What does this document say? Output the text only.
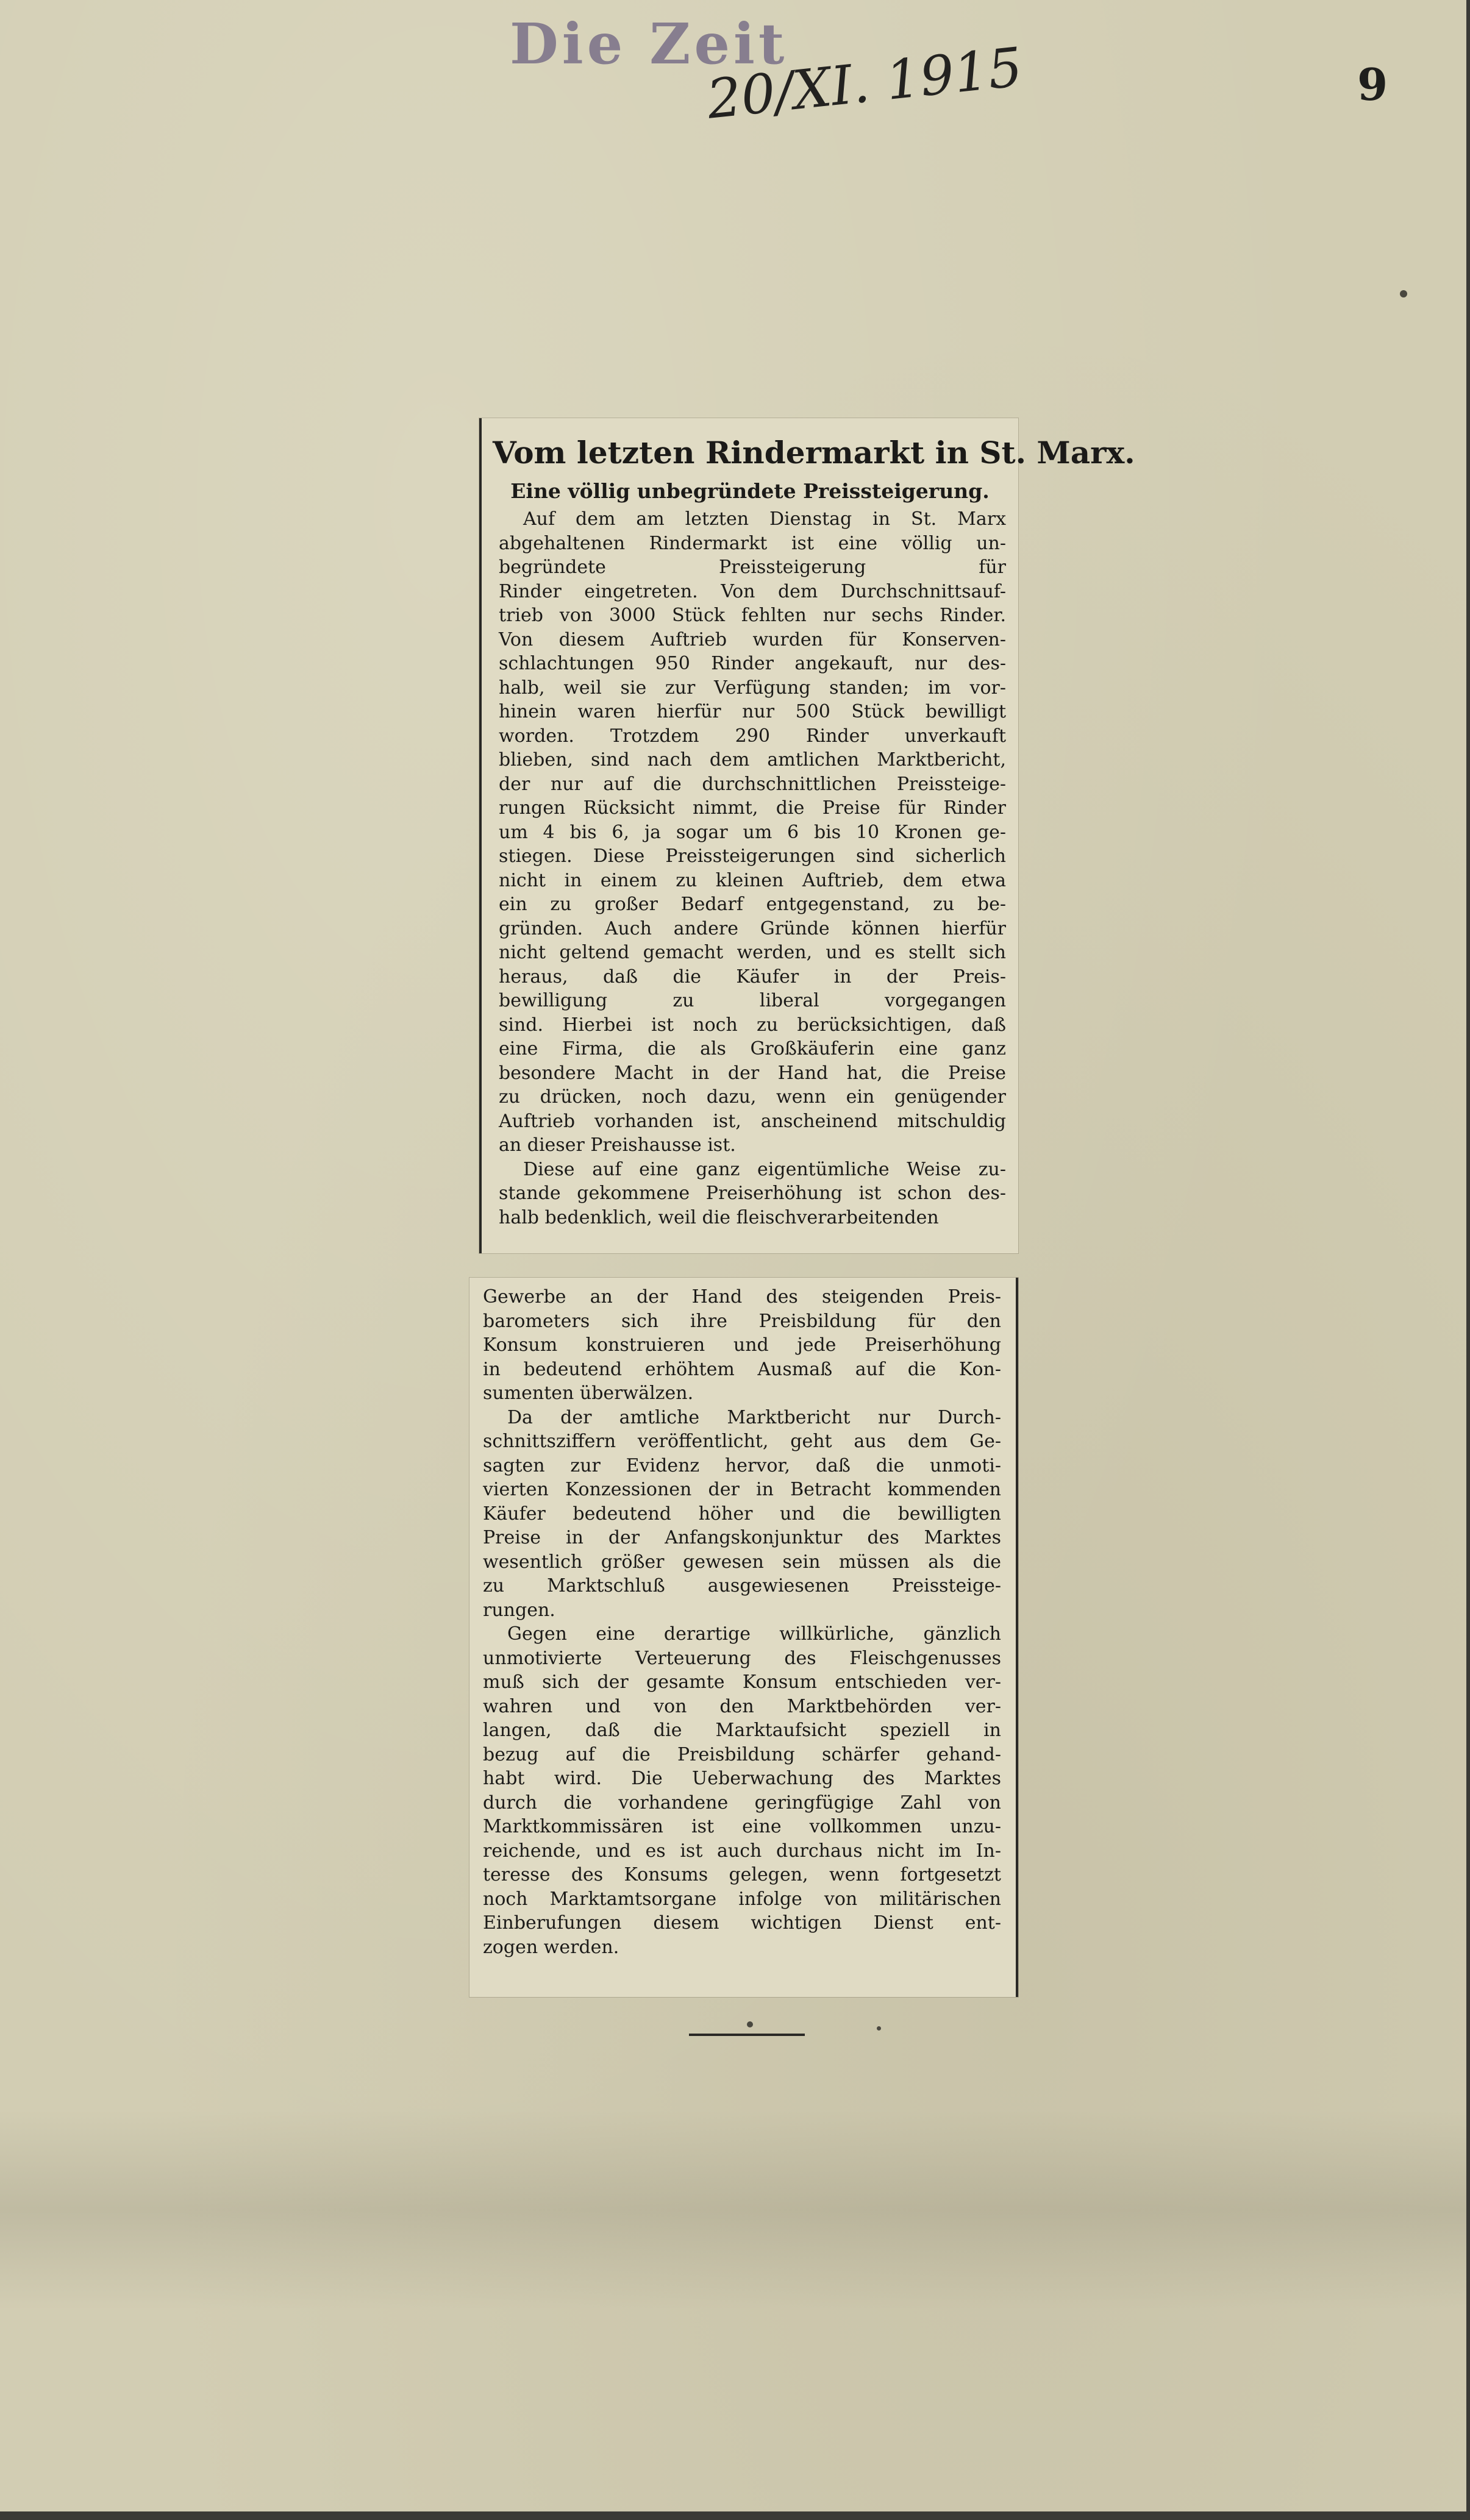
Die Zeit
20/XI. 1915	9
Vom letzten Rindermarkt in St. Marx.
Eine völlig unbegründete Preissteigerung.
Auf dem am letzten Dienstag in St. Marx
abgehaltenen Rindermarkt ist eine völlig un-
begründete Preissteigerung für
Rinder eingetreten. Von dem Durchschnittsauf-
trieb von 3000 Stück fehlten nur sechs Rinder.
Von diesem Auftrieb wurden für Konserven-
schlachtungen 950 Rinder angekauft, nur des-
halb, weil sie zur Verfügung standen; im vor-
hinein waren hierfür nur 500 Stück bewilligt
worden. Trotzdem 290 Rinder unverkauft
blieben, sind nach dem amtlichen Marktbericht,
der nur auf die durchschnittlichen Preissteige-
rungen Rücksicht nimmt, die Preise für Rinder
um 4 bis 6, ja sogar um 6 bis 10 Kronen ge-
stiegen. Diese Preissteigerungen sind sicherlich
nicht in einem zu kleinen Auftrieb, dem etwa
ein zu großer Bedarf entgegenstand, zu be-
gründen. Auch andere Gründe können hierfür
nicht geltend gemacht werden, und es stellt sich
heraus, daß die Käufer in der Preis-
bewilligung zu liberal vorgegangen
sind. Hierbei ist noch zu berücksichtigen, daß
eine Firma, die als Großkäuferin eine ganz
besondere Macht in der Hand hat, die Preise
zu drücken, noch dazu, wenn ein genügender
Auftrieb vorhanden ist, anscheinend mitschuldig
an dieser Preishausse ist.
Diese auf eine ganz eigentümliche Weise zu-
stande gekommene Preiserhöhung ist schon des-
halb bedenklich, weil die fleischverarbeitenden
Gewerbe an der Hand des steigenden Preis-
barometers sich ihre Preisbildung für den
Konsum konstruieren und jede Preiserhöhung
in bedeutend erhöhtem Ausmaß auf die Kon-
sumenten überwälzen.
Da der amtliche Marktbericht nur Durch-
schnittsziffern veröffentlicht, geht aus dem Ge-
sagten zur Evidenz hervor, daß die unmoti-
vierten Konzessionen der in Betracht kommenden
Käufer bedeutend höher und die bewilligten
Preise in der Anfangskonjunktur des Marktes
wesentlich größer gewesen sein müssen als die
zu Marktschluß ausgewiesenen Preissteige-
rungen.
Gegen eine derartige willkürliche, gänzlich
unmotivierte Verteuerung des Fleischgenusses
muß sich der gesamte Konsum entschieden ver-
wahren und von den Marktbehörden ver-
langen, daß die Marktaufsicht speziell in
bezug auf die Preisbildung schärfer gehand-
habt wird. Die Ueberwachung des Marktes
durch die vorhandene geringfügige Zahl von
Marktkommissären ist eine vollkommen unzu-
reichende, und es ist auch durchaus nicht im In-
teresse des Konsums gelegen, wenn fortgesetzt
noch Marktamtsorgane infolge von militärischen
Einberufungen diesem wichtigen Dienst ent-
zogen werden.
